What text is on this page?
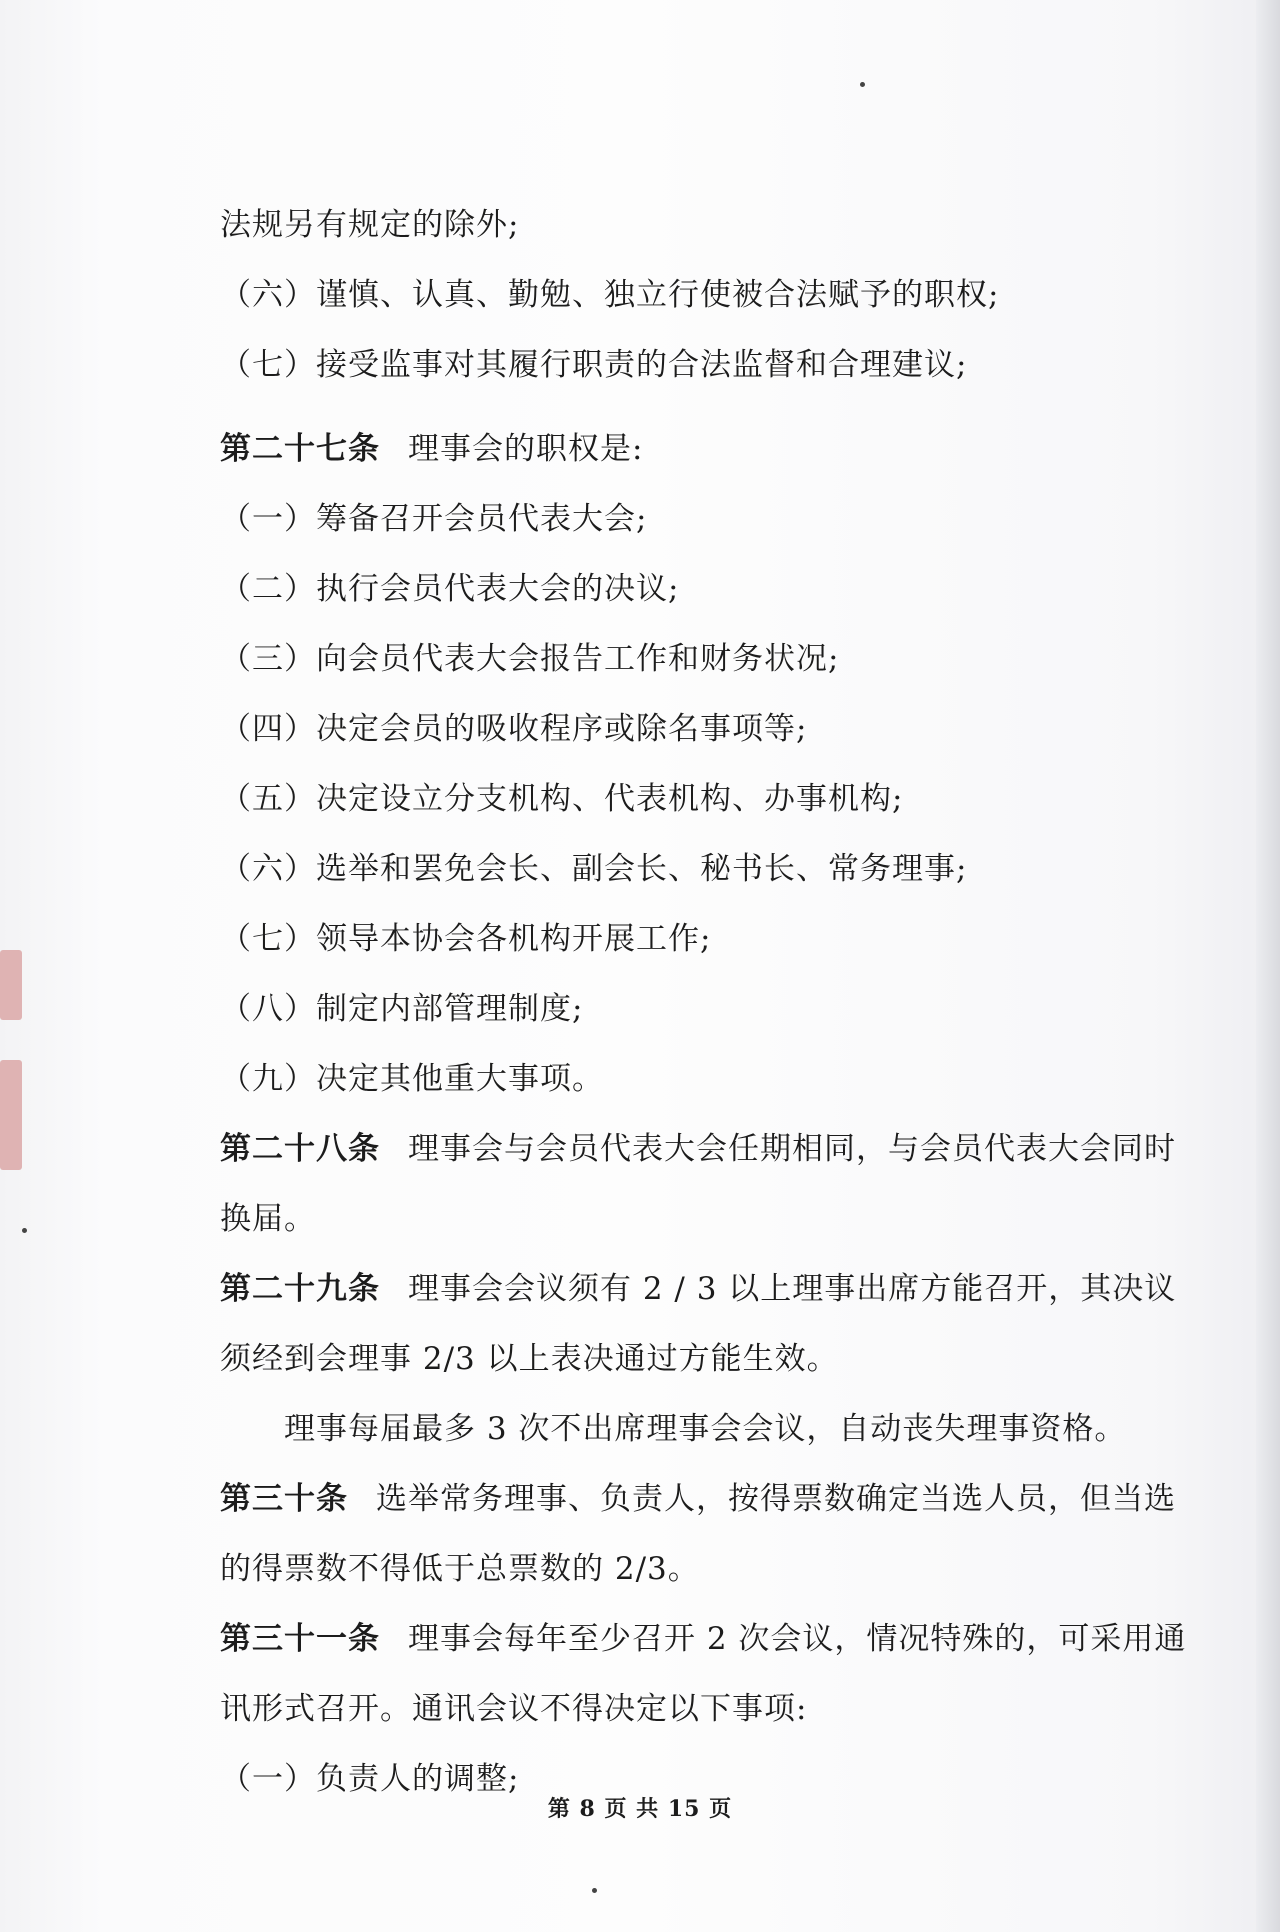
法规另有规定的除外;
（六）谨慎、认真、勤勉、独立行使被合法赋予的职权;
（七）接受监事对其履行职责的合法监督和合理建议;
第二十七条 理事会的职权是:
（一）筹备召开会员代表大会;
（二）执行会员代表大会的决议;
（三）向会员代表大会报告工作和财务状况;
（四）决定会员的吸收程序或除名事项等;
（五）决定设立分支机构、代表机构、办事机构;
（六）选举和罢免会长、副会长、秘书长、常务理事;
（七）领导本协会各机构开展工作;
（八）制定内部管理制度;
（九）决定其他重大事项。
第二十八条 理事会与会员代表大会任期相同，与会员代表大会同时
换届。
第二十九条 理事会会议须有 2 / 3 以上理事出席方能召开，其决议
须经到会理事 2/3 以上表决通过方能生效。
理事每届最多 3 次不出席理事会会议，自动丧失理事资格。
第三十条 选举常务理事、负责人，按得票数确定当选人员，但当选
的得票数不得低于总票数的 2/3。
第三十一条 理事会每年至少召开 2 次会议，情况特殊的，可采用通
讯形式召开。通讯会议不得决定以下事项:
（一）负责人的调整;
第 8 页 共 15 页
